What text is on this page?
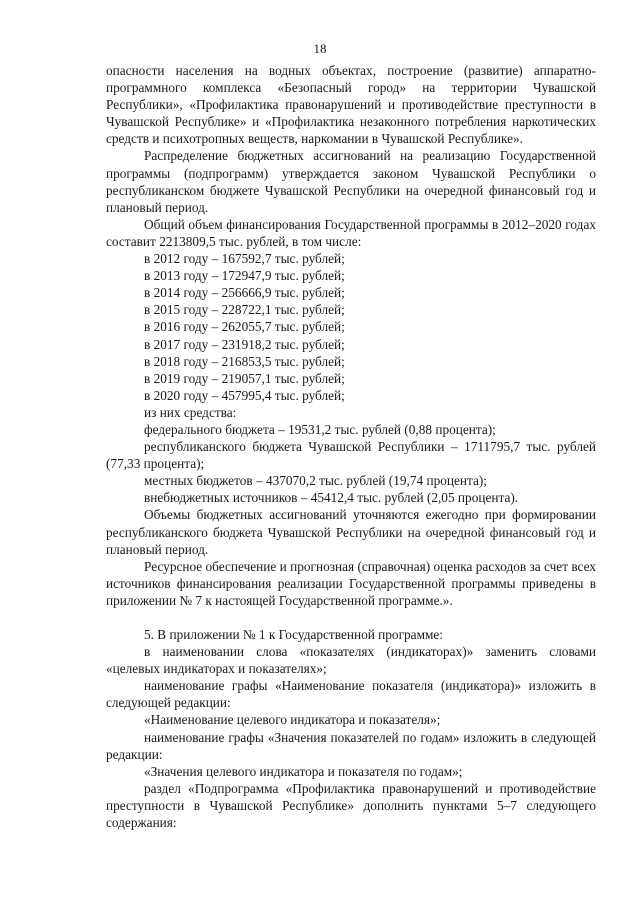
18

опасности населения на водных объектах, построение (развитие) аппаратно-программного комплекса «Безопасный город» на территории Чувашской Республики», «Профилактика правонарушений и противодействие преступности в Чувашской Республике» и «Профилактика незаконного потребления наркотических средств и психотропных веществ, наркомании в Чувашской Республике».

Распределение бюджетных ассигнований на реализацию Государственной программы (подпрограмм) утверждается законом Чувашской Республики о республиканском бюджете Чувашской Республики на очередной финансовый год и плановый период.

Общий объем финансирования Государственной программы в 2012–2020 годах составит 2213809,5 тыс. рублей, в том числе:

в 2012 году – 167592,7 тыс. рублей;

в 2013 году – 172947,9 тыс. рублей;

в 2014 году – 256666,9 тыс. рублей;

в 2015 году – 228722,1 тыс. рублей;

в 2016 году – 262055,7 тыс. рублей;

в 2017 году – 231918,2 тыс. рублей;

в 2018 году – 216853,5 тыс. рублей;

в 2019 году – 219057,1 тыс. рублей;

в 2020 году – 457995,4 тыс. рублей;

из них средства:

федерального бюджета – 19531,2 тыс. рублей (0,88 процента);

республиканского бюджета Чувашской Республики – 1711795,7 тыс. рублей (77,33 процента);

местных бюджетов – 437070,2 тыс. рублей (19,74 процента);

внебюджетных источников – 45412,4 тыс. рублей (2,05 процента).

Объемы бюджетных ассигнований уточняются ежегодно при формировании республиканского бюджета Чувашской Республики на очередной финансовый год и плановый период.

Ресурсное обеспечение и прогнозная (справочная) оценка расходов за счет всех источников финансирования реализации Государственной программы приведены в приложении № 7 к настоящей Государственной программе.».

5. В приложении № 1 к Государственной программе:

в наименовании слова «показателях (индикаторах)» заменить словами «целевых индикаторах и показателях»;

наименование графы «Наименование показателя (индикатора)» изложить в следующей редакции:

«Наименование целевого индикатора и показателя»;

наименование графы «Значения показателей по годам» изложить в следующей редакции:

«Значения целевого индикатора и показателя по годам»;

раздел «Подпрограмма «Профилактика правонарушений и противодействие преступности в Чувашской Республике» дополнить пунктами 5–7 следующего содержания:
